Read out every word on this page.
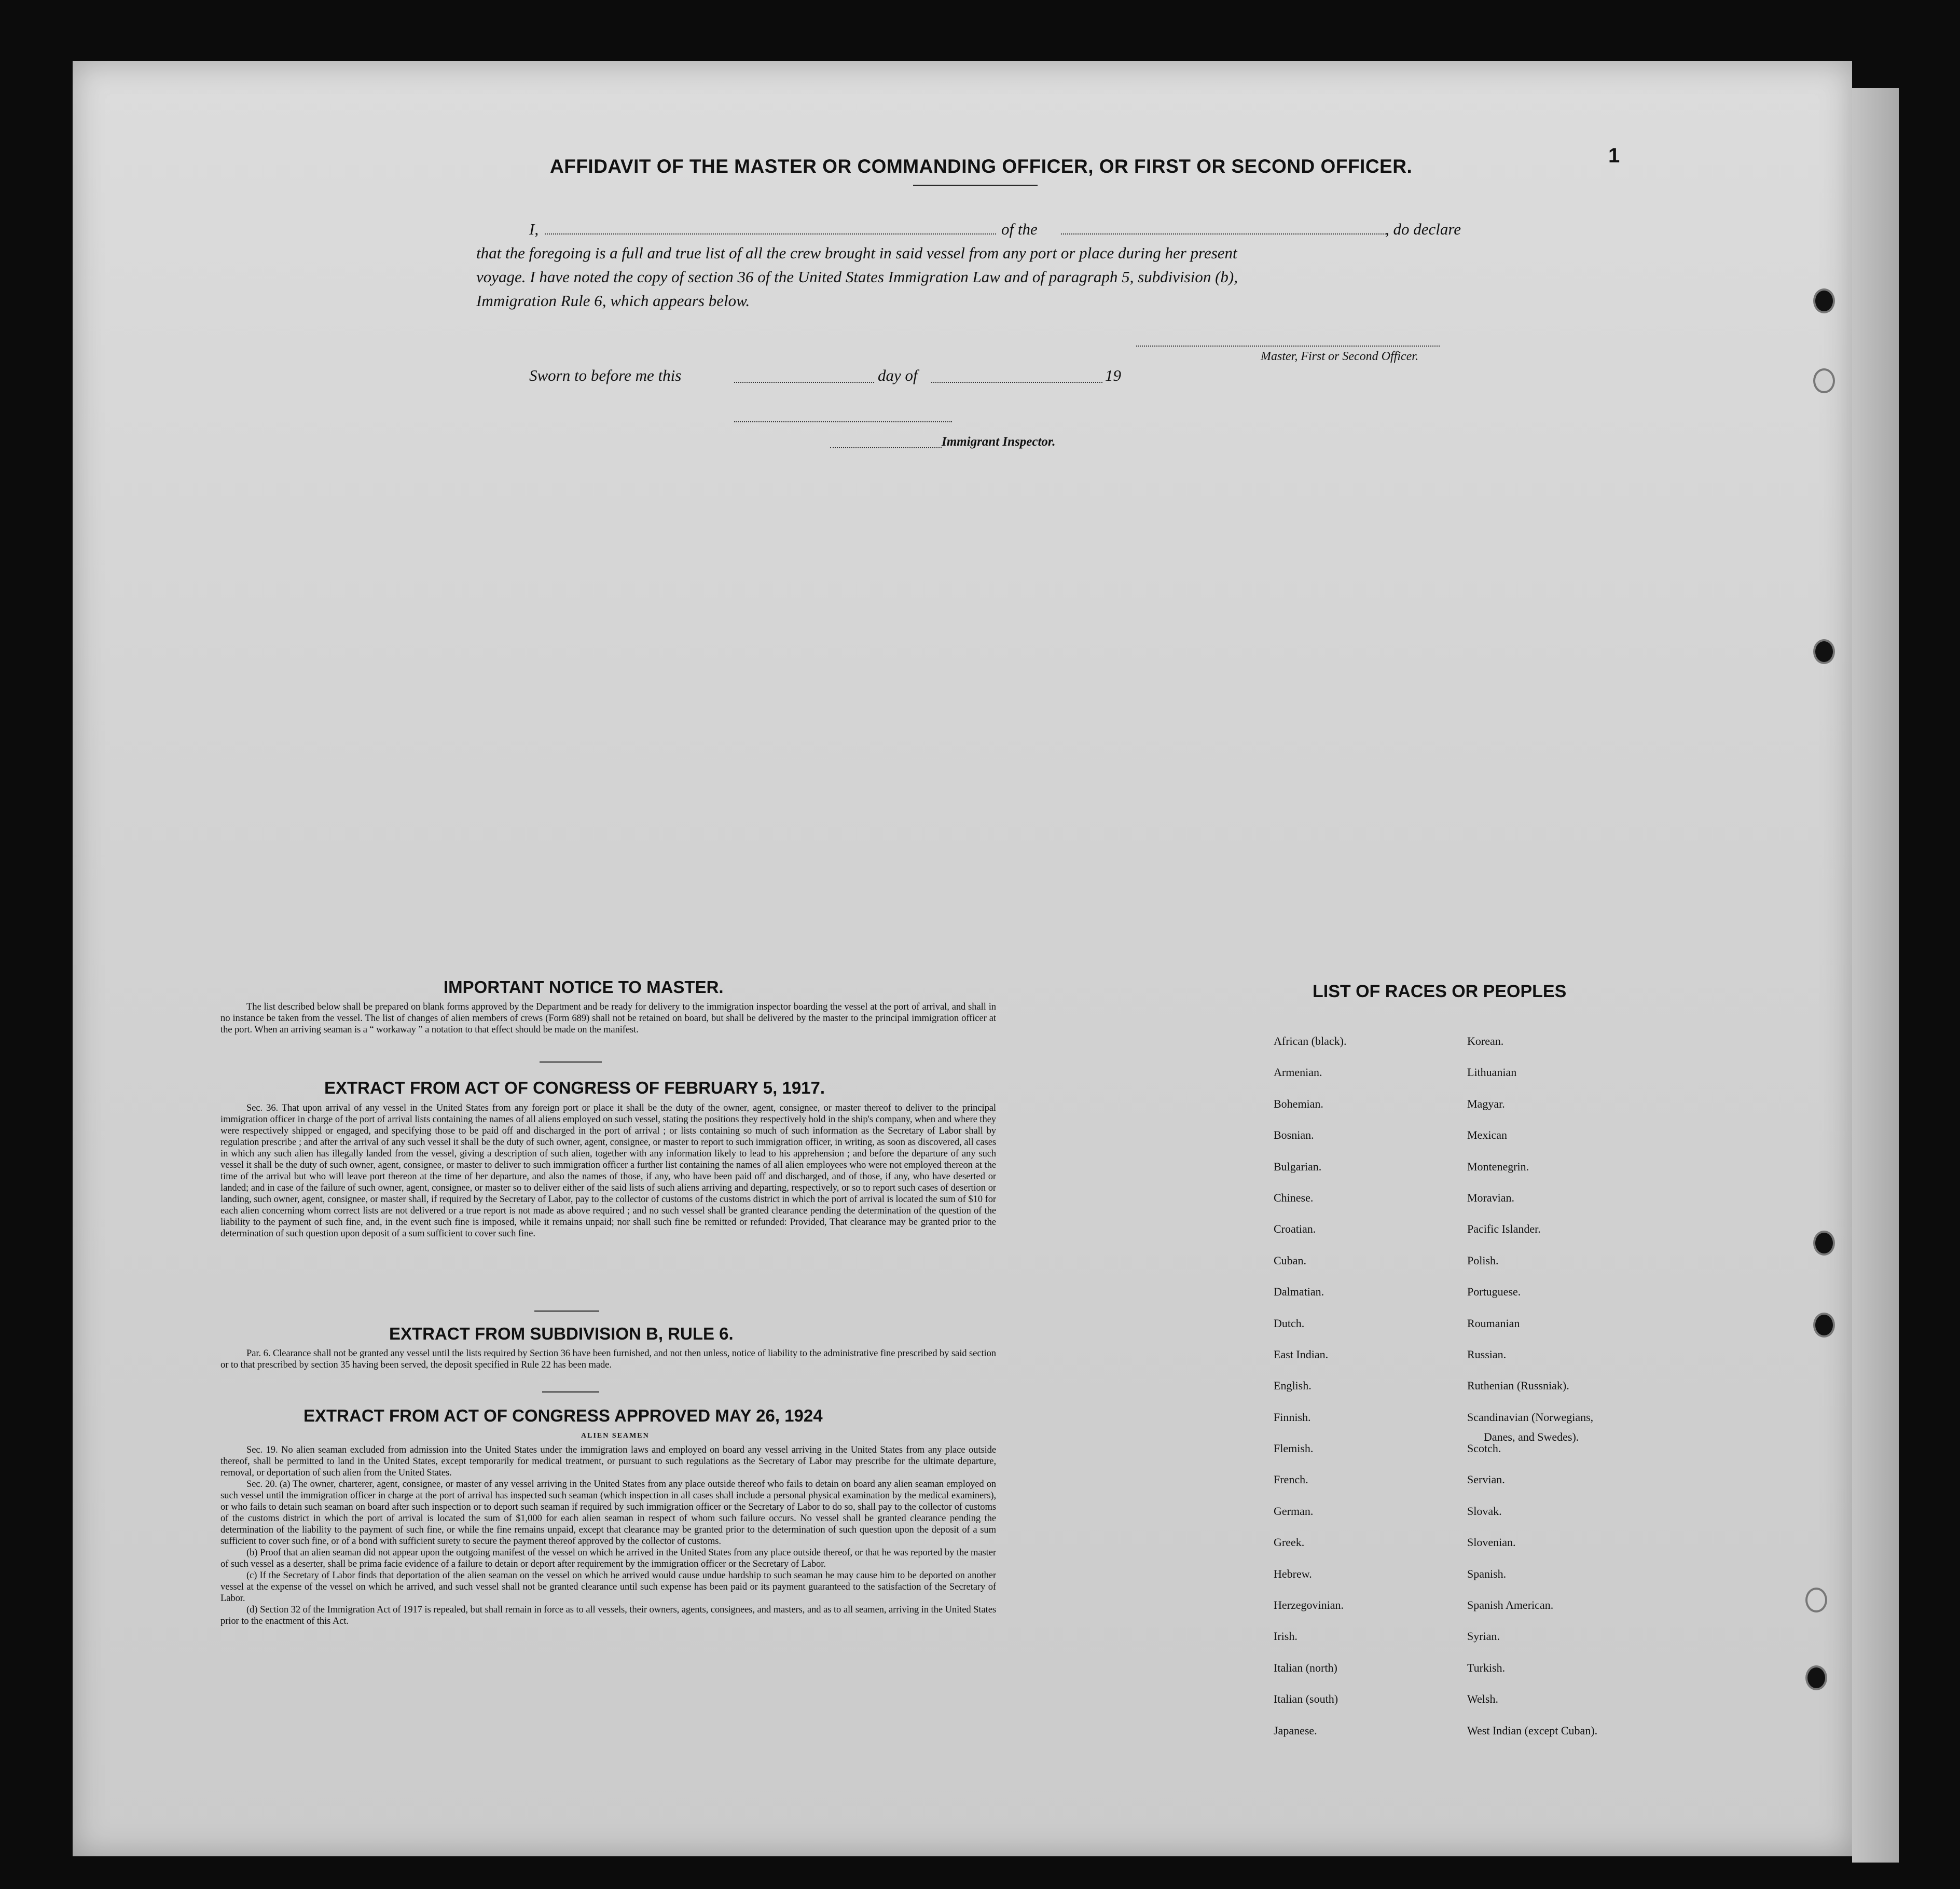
1
AFFIDAVIT OF THE MASTER OR COMMANDING OFFICER, OR FIRST OR SECOND OFFICER.
I,	of the	, do declare
that the foregoing is a full and true list of all the crew brought in said vessel from any port or place during her present
voyage. I have noted the copy of section 36 of the United States Immigration Law and of paragraph 5, subdivision (b),
Immigration Rule 6, which appears below.
Master, First or Second Officer.
Sworn to before me this	day of	19
Immigrant Inspector.
IMPORTANT NOTICE TO MASTER.

The list described below shall be prepared on blank forms approved by the Department and be ready for delivery to the immigration inspector boarding the vessel at the port of arrival, and shall in no instance be taken from the vessel. The list of changes of alien members of crews (Form 689) shall not be retained on board, but shall be delivered by the master to the principal immigration officer at the port. When an arriving seaman is a “ workaway ” a notation to that effect should be made on the manifest.

EXTRACT FROM ACT OF CONGRESS OF FEBRUARY 5, 1917.

Sec. 36. That upon arrival of any vessel in the United States from any foreign port or place it shall be the duty of the owner, agent, consignee, or master thereof to deliver to the principal immigration officer in charge of the port of arrival lists containing the names of all aliens employed on such vessel, stating the positions they respectively hold in the ship's company, when and where they were respectively shipped or engaged, and specifying those to be paid off and discharged in the port of arrival ; or lists containing so much of such information as the Secretary of Labor shall by regulation prescribe ; and after the arrival of any such vessel it shall be the duty of such owner, agent, consignee, or master to report to such immigration officer, in writing, as soon as discovered, all cases in which any such alien has illegally landed from the vessel, giving a description of such alien, together with any information likely to lead to his apprehension ; and before the departure of any such vessel it shall be the duty of such owner, agent, consignee, or master to deliver to such immigration officer a further list containing the names of all alien employees who were not employed thereon at the time of the arrival but who will leave port thereon at the time of her departure, and also the names of those, if any, who have been paid off and discharged, and of those, if any, who have deserted or landed; and in case of the failure of such owner, agent, consignee, or master so to deliver either of the said lists of such aliens arriving and departing, respectively, or so to report such cases of desertion or landing, such owner, agent, consignee, or master shall, if required by the Secretary of Labor, pay to the collector of customs of the customs district in which the port of arrival is located the sum of $10 for each alien concerning whom correct lists are not delivered or a true report is not made as above required ; and no such vessel shall be granted clearance pending the determination of the question of the liability to the payment of such fine, and, in the event such fine is imposed, while it remains unpaid; nor shall such fine be remitted or refunded: Provided, That clearance may be granted prior to the determination of such question upon deposit of a sum sufficient to cover such fine.

EXTRACT FROM SUBDIVISION B, RULE 6.

Par. 6. Clearance shall not be granted any vessel until the lists required by Section 36 have been furnished, and not then unless, notice of liability to the administrative fine prescribed by said section or to that prescribed by section 35 having been served, the deposit specified in Rule 22 has been made.

EXTRACT FROM ACT OF CONGRESS APPROVED MAY 26, 1924
ALIEN SEAMEN

Sec. 19. No alien seaman excluded from admission into the United States under the immigration laws and employed on board any vessel arriving in the United States from any place outside thereof, shall be permitted to land in the United States, except temporarily for medical treatment, or pursuant to such regulations as the Secretary of Labor may prescribe for the ultimate departure, removal, or deportation of such alien from the United States.

Sec. 20. (a) The owner, charterer, agent, consignee, or master of any vessel arriving in the United States from any place outside thereof who fails to detain on board any alien seaman employed on such vessel until the immigration officer in charge at the port of arrival has inspected such seaman (which inspection in all cases shall include a personal physical examination by the medical examiners), or who fails to detain such seaman on board after such inspection or to deport such seaman if required by such immigration officer or the Secretary of Labor to do so, shall pay to the collector of customs of the customs district in which the port of arrival is located the sum of $1,000 for each alien seaman in respect of whom such failure occurs. No vessel shall be granted clearance pending the determination of the liability to the payment of such fine, or while the fine remains unpaid, except that clearance may be granted prior to the determination of such question upon the deposit of a sum sufficient to cover such fine, or of a bond with sufficient surety to secure the payment thereof approved by the collector of customs.

(b) Proof that an alien seaman did not appear upon the outgoing manifest of the vessel on which he arrived in the United States from any place outside thereof, or that he was reported by the master of such vessel as a deserter, shall be prima facie evidence of a failure to detain or deport after requirement by the immigration officer or the Secretary of Labor.

(c) If the Secretary of Labor finds that deportation of the alien seaman on the vessel on which he arrived would cause undue hardship to such seaman he may cause him to be deported on another vessel at the expense of the vessel on which he arrived, and such vessel shall not be granted clearance until such expense has been paid or its payment guaranteed to the satisfaction of the Secretary of Labor.

(d) Section 32 of the Immigration Act of 1917 is repealed, but shall remain in force as to all vessels, their owners, agents, consignees, and masters, and as to all seamen, arriving in the United States prior to the enactment of this Act.

LIST OF RACES OR PEOPLES
African (black).
Armenian.
Bohemian.
Bosnian.
Bulgarian.
Chinese.
Croatian.
Cuban.
Dalmatian.
Dutch.
East Indian.
English.
Finnish.
Flemish.
French.
German.
Greek.
Hebrew.
Herzegovinian.
Irish.
Italian (north)
Italian (south)
Japanese.
Korean.
Lithuanian
Magyar.
Mexican
Montenegrin.
Moravian.
Pacific Islander.
Polish.
Portuguese.
Roumanian
Russian.
Ruthenian (Russniak).
Scandinavian (Norwegians,
Scotch.
Servian.
Slovak.
Slovenian.
Spanish.
Spanish American.
Syrian.
Turkish.
Welsh.
West Indian (except Cuban).
Danes, and Swedes).
